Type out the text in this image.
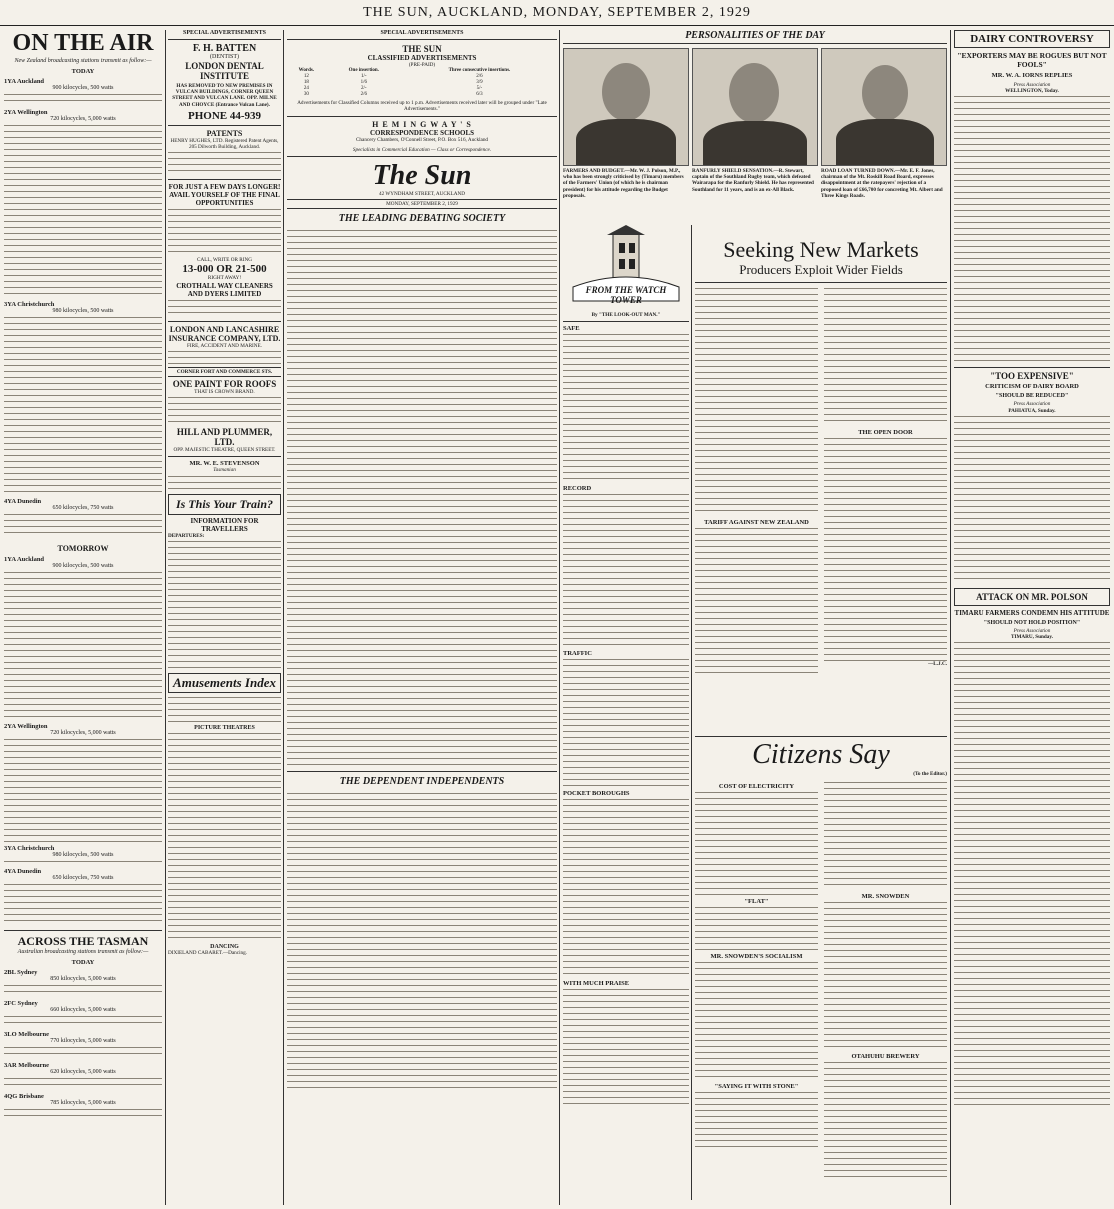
THE SUN, AUCKLAND, MONDAY, SEPTEMBER 2, 1929
ON THE AIR
New Zealand broadcasting stations transmit as follow:—
TODAY
1YA Auckland
900 kilocycles, 500 watts
2YA Wellington
720 kilocycles, 5,000 watts
3YA Christchurch
980 kilocycles, 500 watts
4YA Dunedin
650 kilocycles, 750 watts
TOMORROW
1YA Auckland
900 kilocycles, 500 watts
2YA Wellington
720 kilocycles, 5,000 watts
3YA Christchurch
980 kilocycles, 500 watts
4YA Dunedin
650 kilocycles, 750 watts
ACROSS THE TASMAN
Australian broadcasting stations transmit as follow:—
TODAY
2BL Sydney
850 kilocycles, 5,000 watts
2FC Sydney
660 kilocycles, 5,000 watts
3LO Melbourne
770 kilocycles, 5,000 watts
3AR Melbourne
620 kilocycles, 5,000 watts
4QG Brisbane
785 kilocycles, 5,000 watts
SPECIAL ADVERTISEMENTS
F. H. BATTEN
(DENTIST)
LONDON DENTAL INSTITUTE
HAS REMOVED TO NEW PREMISES IN VULCAN BUILDINGS, CORNER QUEEN STREET AND VULCAN LANE. OPP. MILNE AND CHOYCE (Entrance Vulcan Lane).
PHONE 44-939
PATENTS
HENRY HUGHES, LTD. Registered Patent Agents, 205 Dilworth Building, Auckland.
FOR JUST A FEW DAYS LONGER!
AVAIL YOURSELF OF THE FINAL OPPORTUNITIES
CALL, WRITE OR RING
13-000 OR 21-500
RIGHT AWAY!
CROTHALL WAY CLEANERS AND DYERS LIMITED
LONDON AND LANCASHIRE INSURANCE COMPANY, LTD.
FIRE, ACCIDENT AND MARINE.
CORNER FORT AND COMMERCE STS.
ONE PAINT FOR ROOFS
THAT IS CROWN BRAND.
HILL AND PLUMMER, LTD.
OPP. MAJESTIC THEATRE, QUEEN STREET.
MR. W. E. STEVENSON
Tasmanian
Is This Your Train?
INFORMATION FOR TRAVELLERS
DEPARTURES:
Amusements Index
PICTURE THEATRES
DANCING
DIXIELAND CABARET.—Dancing.
SPECIAL ADVERTISEMENTS
THE SUN
CLASSIFIED ADVERTISEMENTS
(PRE-PAID)
Words.	One insertion.	Three consecutive insertions.
12	1/-	2/6
18	1/6	3/9
24	2/-	5/-
30	2/6	6/3
Advertisements for Classified Columns received up to 1 p.m. Advertisements received later will be grouped under "Late Advertisements."
H E M I N G W A Y ' S
CORRESPONDENCE SCHOOLS
Chancery Chambers, O'Connell Street, P.O. Box 516, Auckland
Specialists in Commercial Education — Class or Correspondence.
The Sun
42 WYNDHAM STREET, AUCKLAND
MONDAY, SEPTEMBER 2, 1929
THE LEADING DEBATING SOCIETY
THE DEPENDENT INDEPENDENTS
PERSONALITIES OF THE DAY
FARMERS AND BUDGET.—Mr. W. J. Polson, M.P., who has been strongly criticised by (Timaru) members of the Farmers' Union (of which he is chairman president) for his attitude regarding the Budget proposals.
RANFURLY SHIELD SENSATION.—R. Stewart, captain of the Southland Rugby team, which defeated Wairarapa for the Ranfurly Shield. He has represented Southland for 11 years, and is an ex-All Black.
ROAD LOAN TURNED DOWN.—Mr. E. F. Jones, chairman of the Mt. Roskill Road Board, expresses disappointment at the ratepayers' rejection of a proposed loan of £66,700 for concreting Mt. Albert and Three Kings Roads.
FROM THE WATCH TOWER
By "THE LOOK-OUT MAN."
SAFE
RECORD
TRAFFIC
POCKET BOROUGHS
WITH MUCH PRAISE
Seeking New Markets
Producers Exploit Wider Fields
TARIFF AGAINST NEW ZEALAND
THE OPEN DOOR
—L.J.C.
Citizens Say
(To the Editor.)
COST OF ELECTRICITY
"FLAT"
MR. SNOWDEN'S SOCIALISM
"SAYING IT WITH STONE"
MR. SNOWDEN
OTAHUHU BREWERY
DAIRY CONTROVERSY
"EXPORTERS MAY BE ROGUES BUT NOT FOOLS"
MR. W. A. IORNS REPLIES
Press Association
WELLINGTON, Today.
"TOO EXPENSIVE"
CRITICISM OF DAIRY BOARD
"SHOULD BE REDUCED"
Press Association
PAHIATUA, Sunday.
ATTACK ON MR. POLSON
TIMARU FARMERS CONDEMN HIS ATTITUDE
"SHOULD NOT HOLD POSITION"
Press Association
TIMARU, Sunday.
